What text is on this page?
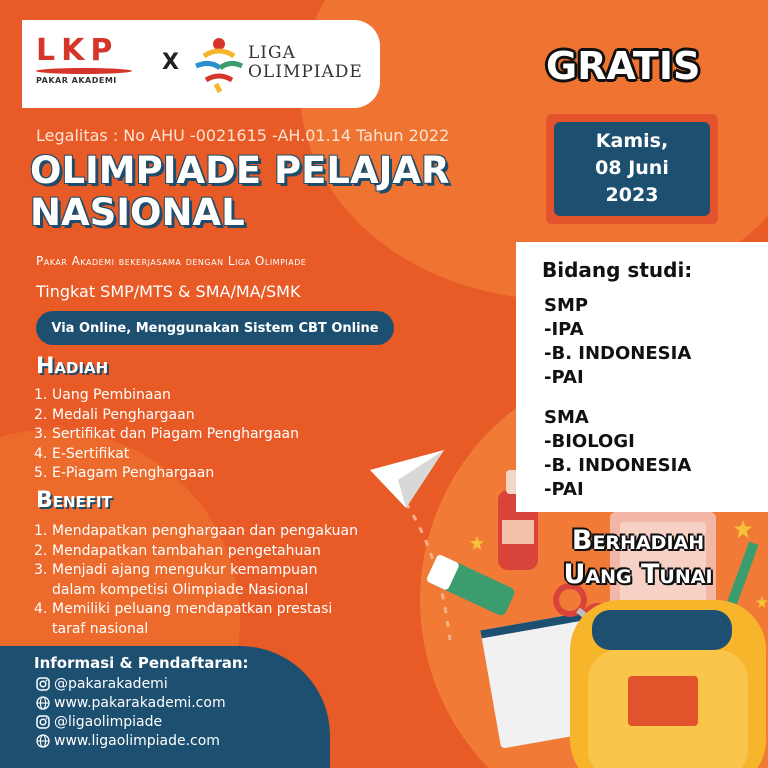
LKP
PAKAR AKADEMI
X	LIGA
OLIMPIADE
Legalitas : No AHU -0021615 -AH.01.14 Tahun 2022
OLIMPIADE PELAJAR
NASIONAL
Pakar Akademi bekerjasama dengan Liga Olimpiade
Tingkat SMP/MTS & SMA/MA/SMK
Via Online, Menggunakan Sistem CBT Online
Hadiah
1. Uang Pembinaan
2. Medali Penghargaan
3. Sertifikat dan Piagam Penghargaan
4. E-Sertifikat
5. E-Piagam Penghargaan
Benefit
1. Mendapatkan penghargaan dan pengakuan
2. Mendapatkan tambahan pengetahuan
3. Menjadi ajang mengukur kemampuan
dalam kompetisi Olimpiade Nasional
4. Memiliki peluang mendapatkan prestasi
taraf nasional
Informasi & Pendaftaran:
@pakarakademi
www.pakarakademi.com
@ligaolimpiade
www.ligaolimpiade.com
GRATIS
Kamis,
08 Juni
2023
Bidang studi:
SMP
-IPA
-B. INDONESIA
-PAI
SMA
-BIOLOGI
-B. INDONESIA
-PAI
Berhadiah
Uang Tunai
